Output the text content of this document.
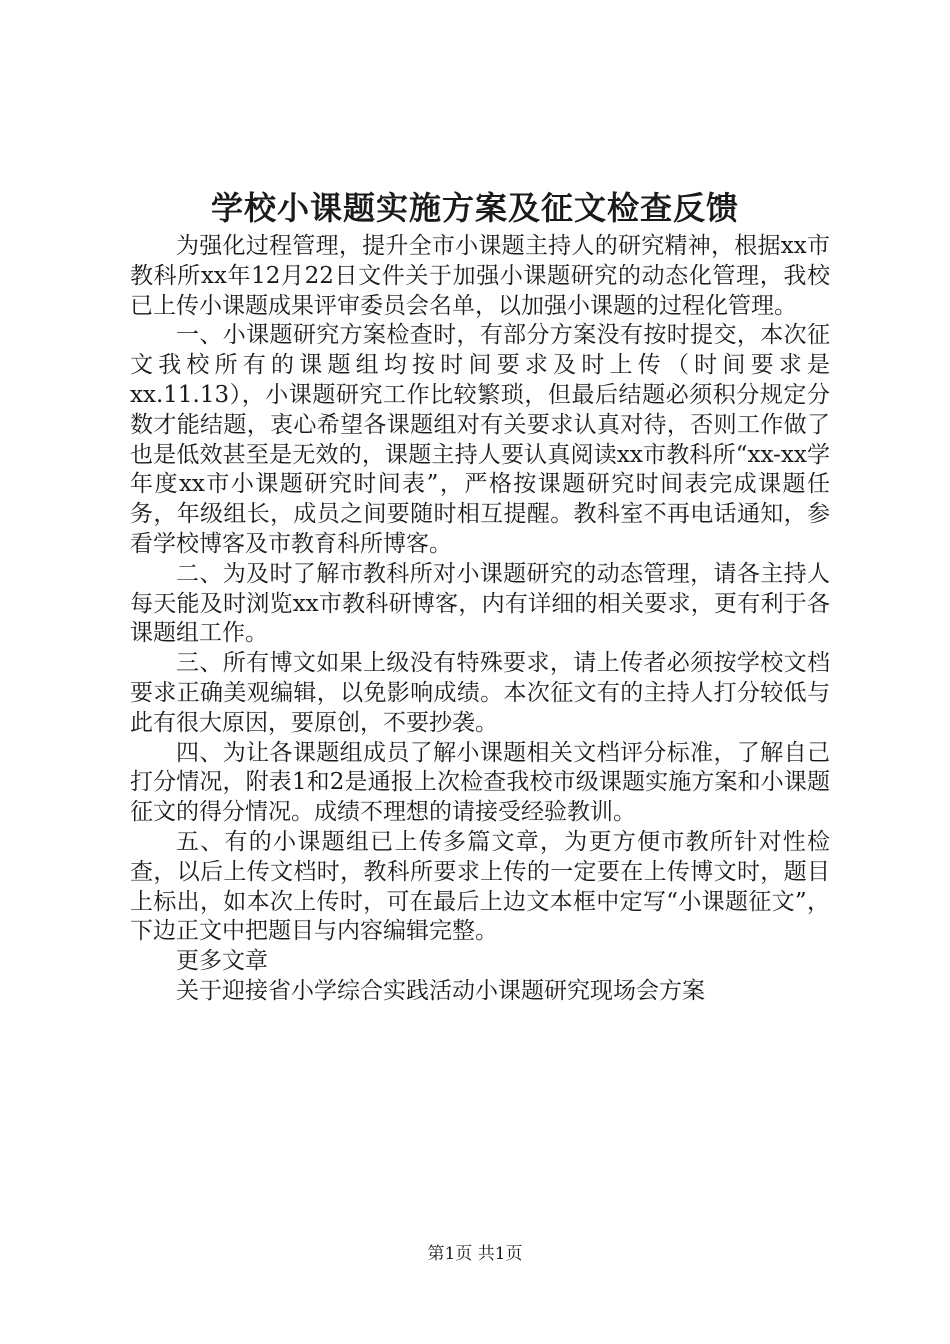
学校小课题实施方案及征文检查反馈

为强化过程管理，提升全市小课题主持人的研究精神，根据xx市教科所xx年12月22日文件关于加强小课题研究的动态化管理，我校已上传小课题成果评审委员会名单，以加强小课题的过程化管理。

一、小课题研究方案检查时，有部分方案没有按时提交，本次征文我校所有的课题组均按时间要求及时上传（时间要求是xx.11.13），小课题研究工作比较繁琐，但最后结题必须积分规定分数才能结题，衷心希望各课题组对有关要求认真对待，否则工作做了也是低效甚至是无效的，课题主持人要认真阅读xx市教科所“xx-xx学年度xx市小课题研究时间表”，严格按课题研究时间表完成课题任务，年级组长，成员之间要随时相互提醒。教科室不再电话通知，参看学校博客及市教育科所博客。

二、为及时了解市教科所对小课题研究的动态管理，请各主持人每天能及时浏览xx市教科研博客，内有详细的相关要求，更有利于各课题组工作。

三、所有博文如果上级没有特殊要求，请上传者必须按学校文档要求正确美观编辑，以免影响成绩。本次征文有的主持人打分较低与此有很大原因，要原创，不要抄袭。

四、为让各课题组成员了解小课题相关文档评分标准，了解自己打分情况，附表1和2是通报上次检查我校市级课题实施方案和小课题征文的得分情况。成绩不理想的请接受经验教训。

五、有的小课题组已上传多篇文章，为更方便市教所针对性检查，以后上传文档时，教科所要求上传的一定要在上传博文时，题目上标出，如本次上传时，可在最后上边文本框中定写“小课题征文”，下边正文中把题目与内容编辑完整。

更多文章

关于迎接省小学综合实践活动小课题研究现场会方案

第1页 共1页
